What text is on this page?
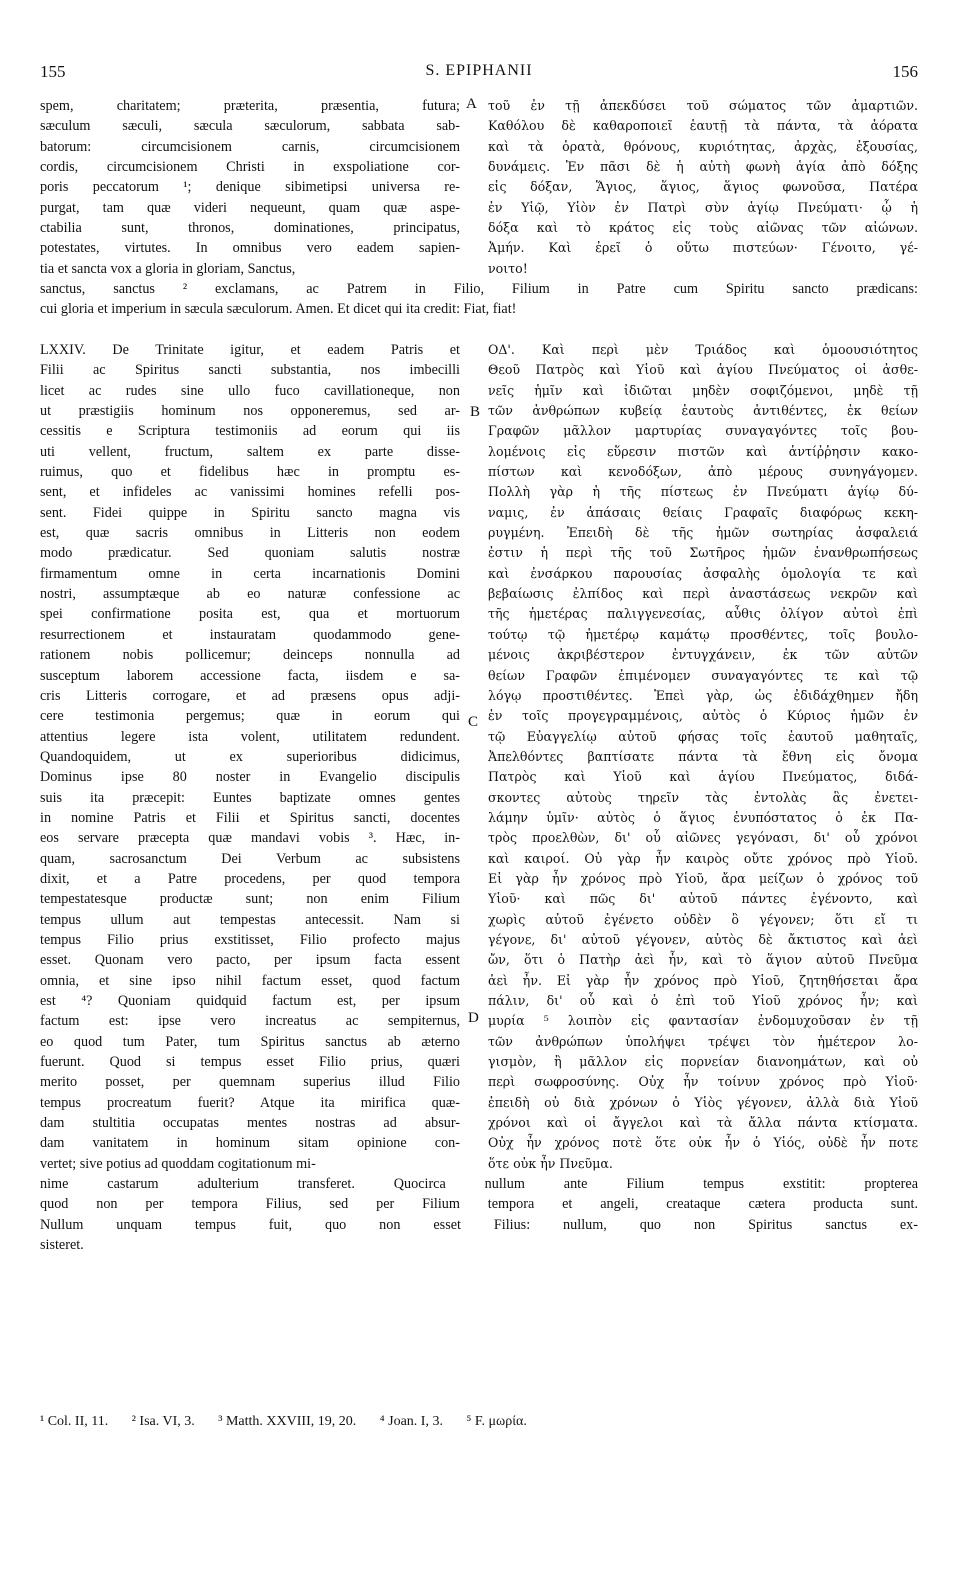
155	S. EPIPHANII	156
spem, charitatem; præterita, præsentia, futura;
sæculum sæculi, sæcula sæculorum, sabbata sab-
batorum: circumcisionem carnis, circumcisionem
cordis, circumcisionem Christi in exspoliatione cor-
poris peccatorum ¹; denique sibimetipsi universa re-
purgat, tam quæ videri nequeunt, quam quæ aspe-
ctabilia sunt, thronos, dominationes, principatus,
potestates, virtutes. In omnibus vero eadem sapien-
tia et sancta vox a gloria in gloriam, Sanctus,
τοῦ ἐν τῇ ἀπεκδύσει τοῦ σώματος τῶν ἁμαρτιῶν.
Καθόλου δὲ καθαροποιεῖ ἑαυτῇ τὰ πάντα, τὰ ἀόρατα
καὶ τὰ ὁρατὰ, θρόνους, κυριότητας, ἀρχὰς, ἐξουσίας,
δυνάμεις. Ἐν πᾶσι δὲ ἡ αὐτὴ φωνὴ ἁγία ἀπὸ δόξης
εἰς δόξαν, Ἅγιος, ἅγιος, ἅγιος φωνοῦσα, Πατέρα
ἐν Υἱῷ, Υἱὸν ἐν Πατρὶ σὺν ἁγίῳ Πνεύματι· ᾧ ἡ
δόξα καὶ τὸ κράτος εἰς τοὺς αἰῶνας τῶν αἰώνων.
Ἀμήν. Καὶ ἐρεῖ ὁ οὕτω πιστεύων· Γένοιτο, γέ-
νοιτο!
sanctus, sanctus ² exclamans, ac Patrem in Filio, Filium in Patre cum Spiritu sancto prædicans:
cui gloria et imperium in sæcula sæculorum. Amen. Et dicet qui ita credit: Fiat, fiat!
LXXIV. De Trinitate igitur, et eadem Patris et
Filii ac Spiritus sancti substantia, nos imbecilli
licet ac rudes sine ullo fuco cavillationeque, non
ut præstigiis hominum nos opponeremus, sed ar-
cessitis e Scriptura testimoniis ad eorum qui iis
uti vellent, fructum, saltem ex parte disse-
ruimus, quo et fidelibus hæc in promptu es-
sent, et infideles ac vanissimi homines refelli pos-
sent. Fidei quippe in Spiritu sancto magna vis
est, quæ sacris omnibus in Litteris non eodem
modo prædicatur. Sed quoniam salutis nostræ
firmamentum omne in certa incarnationis Domini
nostri, assumptæque ab eo naturæ confessione ac
spei confirmatione posita est, qua et mortuorum
resurrectionem et instauratam quodammodo gene-
rationem nobis pollicemur; deinceps nonnulla ad
susceptum laborem accessione facta, iisdem e sa-
cris Litteris corrogare, et ad præsens opus adji-
cere testimonia pergemus; quæ in eorum qui
attentius legere ista volent, utilitatem redundent.
Quandoquidem, ut ex superioribus didicimus,
Dominus ipse 80 noster in Evangelio discipulis
suis ita præcepit: Euntes baptizate omnes gentes
in nomine Patris et Filii et Spiritus sancti, docentes
eos servare præcepta quæ mandavi vobis ³. Hæc, in-
quam, sacrosanctum Dei Verbum ac subsistens
dixit, et a Patre procedens, per quod tempora
tempestatesque productæ sunt; non enim Filium
tempus ullum aut tempestas antecessit. Nam si
tempus Filio prius exstitisset, Filio profecto majus
esset. Quonam vero pacto, per ipsum facta essent
omnia, et sine ipso nihil factum esset, quod factum
est ⁴? Quoniam quidquid factum est, per ipsum
factum est: ipse vero increatus ac sempiternus,
eo quod tum Pater, tum Spiritus sanctus ab æterno
fuerunt. Quod si tempus esset Filio prius, quæri
merito posset, per quemnam superius illud Filio
tempus procreatum fuerit? Atque ita mirifica quæ-
dam stultitia occupatas mentes nostras ad absur-
dam vanitatem in hominum sitam opinione con-
vertet; sive potius ad quoddam cogitationum mi-
ΟΔ'. Καὶ περὶ μὲν Τριάδος καὶ ὁμοουσιότητος
Θεοῦ Πατρὸς καὶ Υἱοῦ καὶ ἁγίου Πνεύματος οἱ ἀσθε-
νεῖς ἡμῖν καὶ ἰδιῶται μηδὲν σοφιζόμενοι, μηδὲ τῇ
τῶν ἀνθρώπων κυβείᾳ ἑαυτοὺς ἀντιθέντες, ἐκ θείων
Γραφῶν μᾶλλον μαρτυρίας συναγαγόντες τοῖς βου-
λομένοις εἰς εὕρεσιν πιστῶν καὶ ἀντίῤῥησιν κακο-
πίστων καὶ κενοδόξων, ἀπὸ μέρους συνηγάγομεν.
Πολλὴ γὰρ ἡ τῆς πίστεως ἐν Πνεύματι ἁγίῳ δύ-
ναμις, ἐν ἁπάσαις θείαις Γραφαῖς διαφόρως κεκη-
ρυγμένη. Ἐπειδὴ δὲ τῆς ἡμῶν σωτηρίας ἀσφαλειά
ἐστιν ἡ περὶ τῆς τοῦ Σωτῆρος ἡμῶν ἐνανθρωπήσεως
καὶ ἐνσάρκου παρουσίας ἀσφαλὴς ὁμολογία τε καὶ
βεβαίωσις ἐλπίδος καὶ περὶ ἀναστάσεως νεκρῶν καὶ
τῆς ἡμετέρας παλιγγενεσίας, αὖθις ὀλίγον αὐτοὶ ἐπὶ
τούτῳ τῷ ἡμετέρῳ καμάτῳ προσθέντες, τοῖς βουλο-
μένοις ἀκριβέστερον ἐντυγχάνειν, ἐκ τῶν αὐτῶν
θείων Γραφῶν ἐπιμένομεν συναγαγόντες τε καὶ τῷ
λόγῳ προστιθέντες. Ἐπεὶ γὰρ, ὡς ἐδιδάχθημεν ἤδη
ἐν τοῖς προγεγραμμένοις, αὐτὸς ὁ Κύριος ἡμῶν ἐν
τῷ Εὐαγγελίῳ αὐτοῦ φήσας τοῖς ἑαυτοῦ μαθηταῖς,
Ἀπελθόντες βαπτίσατε πάντα τὰ ἔθνη εἰς ὄνομα
Πατρὸς καὶ Υἱοῦ καὶ ἁγίου Πνεύματος, διδά-
σκοντες αὐτοὺς τηρεῖν τὰς ἐντολὰς ἃς ἐνετει-
λάμην ὑμῖν· αὐτὸς ὁ ἅγιος ἐνυπόστατος ὁ ἐκ Πα-
τρὸς προελθὼν, δι' οὗ αἰῶνες γεγόνασι, δι' οὗ χρόνοι
καὶ καιροί. Οὐ γὰρ ἦν καιρὸς οὔτε χρόνος πρὸ Υἱοῦ.
Εἰ γὰρ ἦν χρόνος πρὸ Υἱοῦ, ἄρα μείζων ὁ χρόνος τοῦ
Υἱοῦ· καὶ πῶς δι' αὐτοῦ πάντες ἐγένοντο, καὶ
χωρὶς αὐτοῦ ἐγένετο οὐδὲν ὃ γέγονεν; ὅτι εἴ τι
γέγονε, δι' αὐτοῦ γέγονεν, αὐτὸς δὲ ἄκτιστος καὶ ἀεὶ
ὤν, ὅτι ὁ Πατὴρ ἀεὶ ἦν, καὶ τὸ ἅγιον αὐτοῦ Πνεῦμα
ἀεὶ ἦν. Εἰ γὰρ ἦν χρόνος πρὸ Υἱοῦ, ζητηθήσεται ἄρα
πάλιν, δι' οὗ καὶ ὁ ἐπὶ τοῦ Υἱοῦ χρόνος ἦν; καὶ
μυρία ⁵ λοιπὸν εἰς φαντασίαν ἐνδομυχοῦσαν ἐν τῇ
τῶν ἀνθρώπων ὑπολήψει τρέψει τὸν ἡμέτερον λο-
γισμὸν, ἢ μᾶλλον εἰς πορνείαν διανοημάτων, καὶ οὐ
περὶ σωφροσύνης. Οὐχ ἦν τοίνυν χρόνος πρὸ Υἱοῦ·
ἐπειδὴ οὐ διὰ χρόνων ὁ Υἱὸς γέγονεν, ἀλλὰ διὰ Υἱοῦ
χρόνοι καὶ οἱ ἄγγελοι καὶ τὰ ἄλλα πάντα κτίσματα.
Οὐχ ἦν χρόνος ποτὲ ὅτε οὐκ ἦν ὁ Υἱός, οὐδὲ ἦν ποτε
ὅτε οὐκ ἦν Πνεῦμα.
nime castarum adulterium transferet. Quocirca nullum ante Filium tempus exstitit: propterea
quod non per tempora Filius, sed per Filium tempora et angeli, creataque cætera producta sunt.
Nullum unquam tempus fuit, quo non esset Filius: nullum, quo non Spiritus sanctus ex-
sisteret.
A
B
C
D
¹ Col. II, 11. ² Isa. VI, 3. ³ Matth. XXVIII, 19, 20. ⁴ Joan. I, 3. ⁵ F. μωρία.
